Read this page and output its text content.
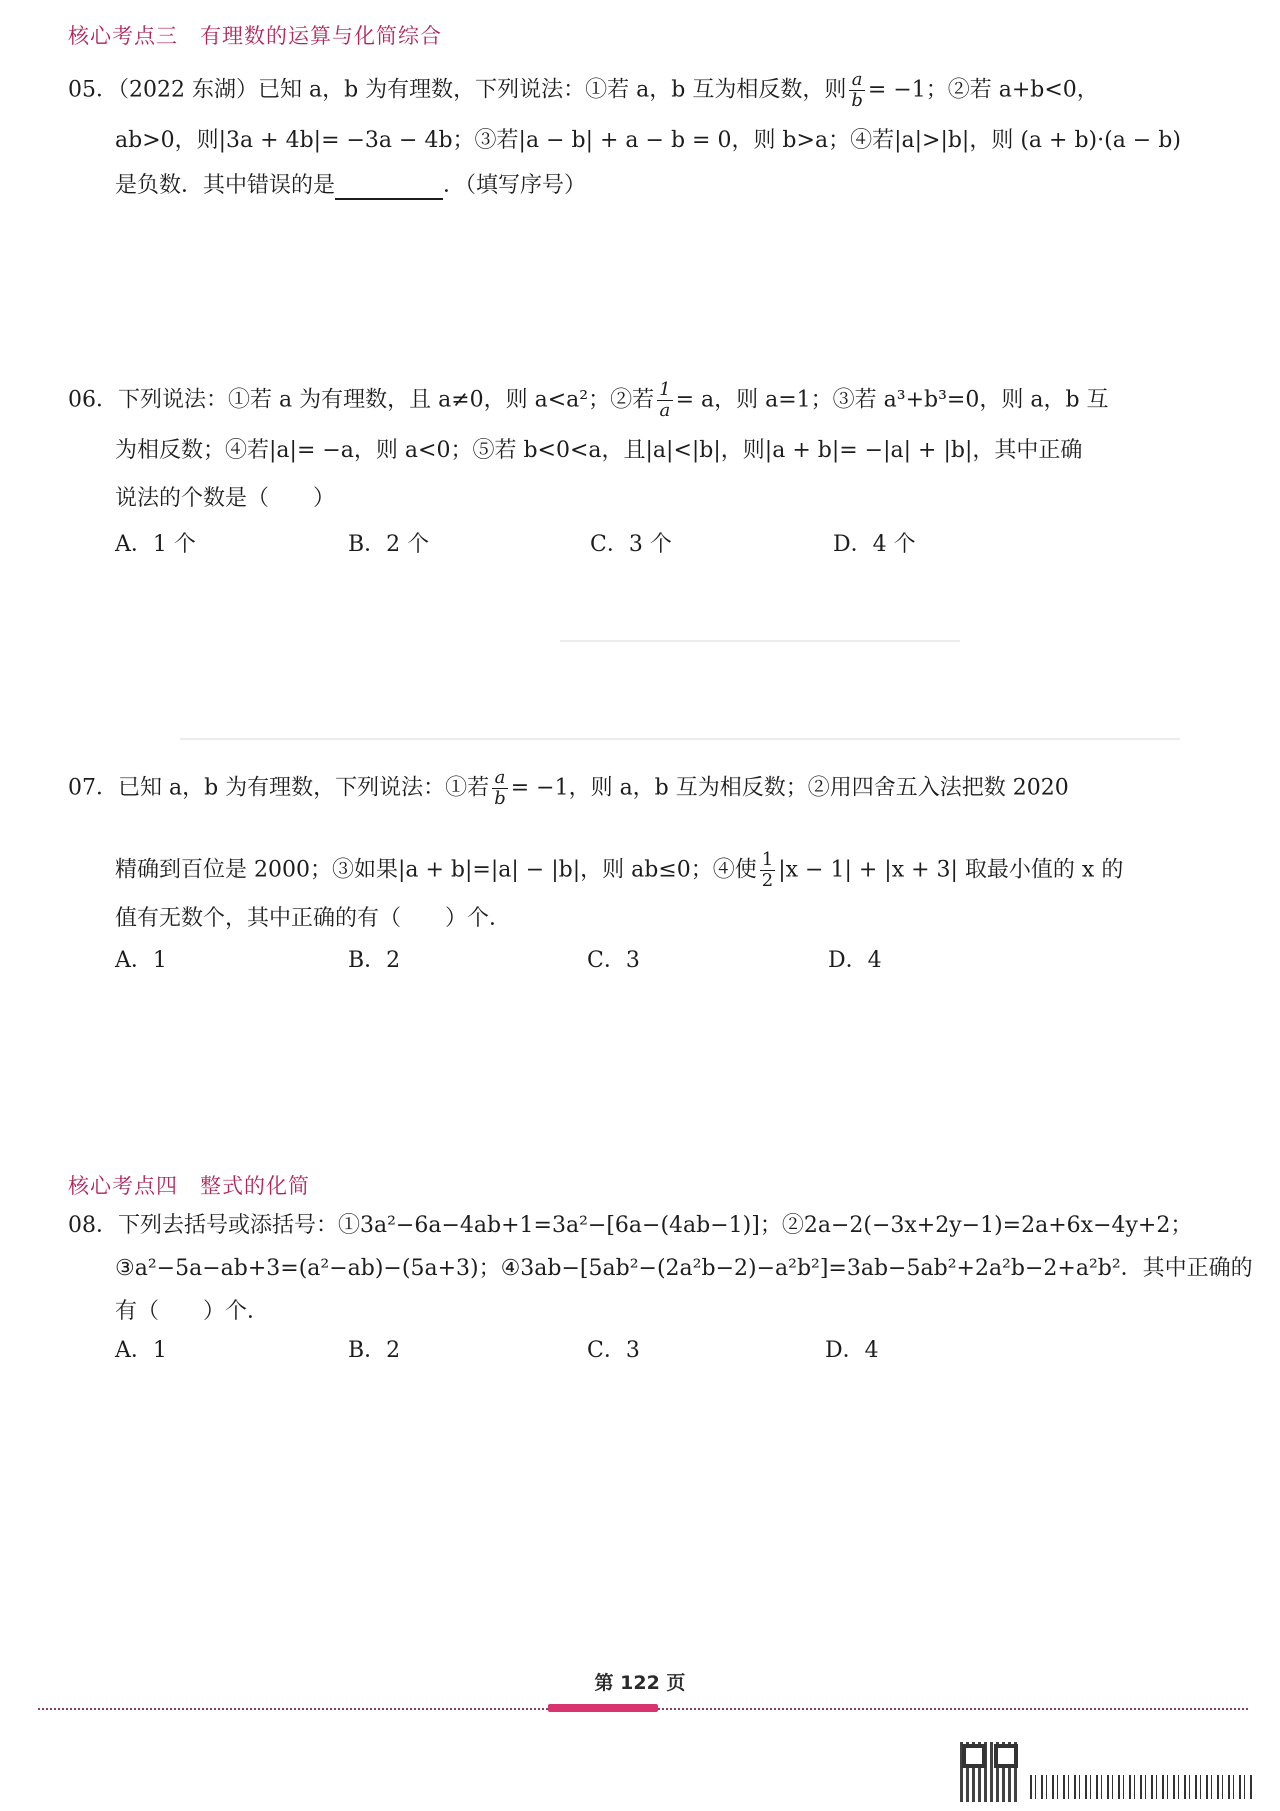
核心考点三 有理数的运算与化简综合
05．（2022 东湖）已知 a，b 为有理数，下列说法：①若 a，b 互为相反数，则 $\frac{a}{b} = -1$；②若 a+b<0，
ab>0，则|3a + 4b|= −3a − 4b；③若|a − b| + a − b = 0，则 b>a；④若|a|>|b|，则 (a + b)·(a − b)
是负数．其中错误的是	．（填写序号）
06．下列说法：①若 a 为有理数，且 a≠0，则 a<a²；②若 $\frac{1}{a} = a$，则 a=1；③若 a³+b³=0，则 a，b 互
为相反数；④若|a|= −a，则 a<0；⑤若 b<0<a，且|a|<|b|，则|a + b|= −|a| + |b|，其中正确
说法的个数是（　　）
A．1 个	B．2 个	C．3 个	D．4 个
07．已知 a，b 为有理数，下列说法：①若 $\frac{a}{b} = -1$，则 a，b 互为相反数；②用四舍五入法把数 2020
精确到百位是 2000；③如果|a + b|=|a| − |b|，则 ab≤0；④使 $\frac{1}{2} |x - 1| + |x + 3|$ 取最小值的 x 的
值有无数个，其中正确的有（　　）个．
A．1	B．2	C．3	D．4
核心考点四 整式的化简
08．下列去括号或添括号：①3a²−6a−4ab+1=3a²−[6a−(4ab−1)]；②2a−2(−3x+2y−1)=2a+6x−4y+2；
③a²−5a−ab+3=(a²−ab)−(5a+3)；④3ab−[5ab²−(2a²b−2)−a²b²]=3ab−5ab²+2a²b−2+a²b²．其中正确的
有（　　）个．
A．1	B．2	C．3	D．4
第 122 页
